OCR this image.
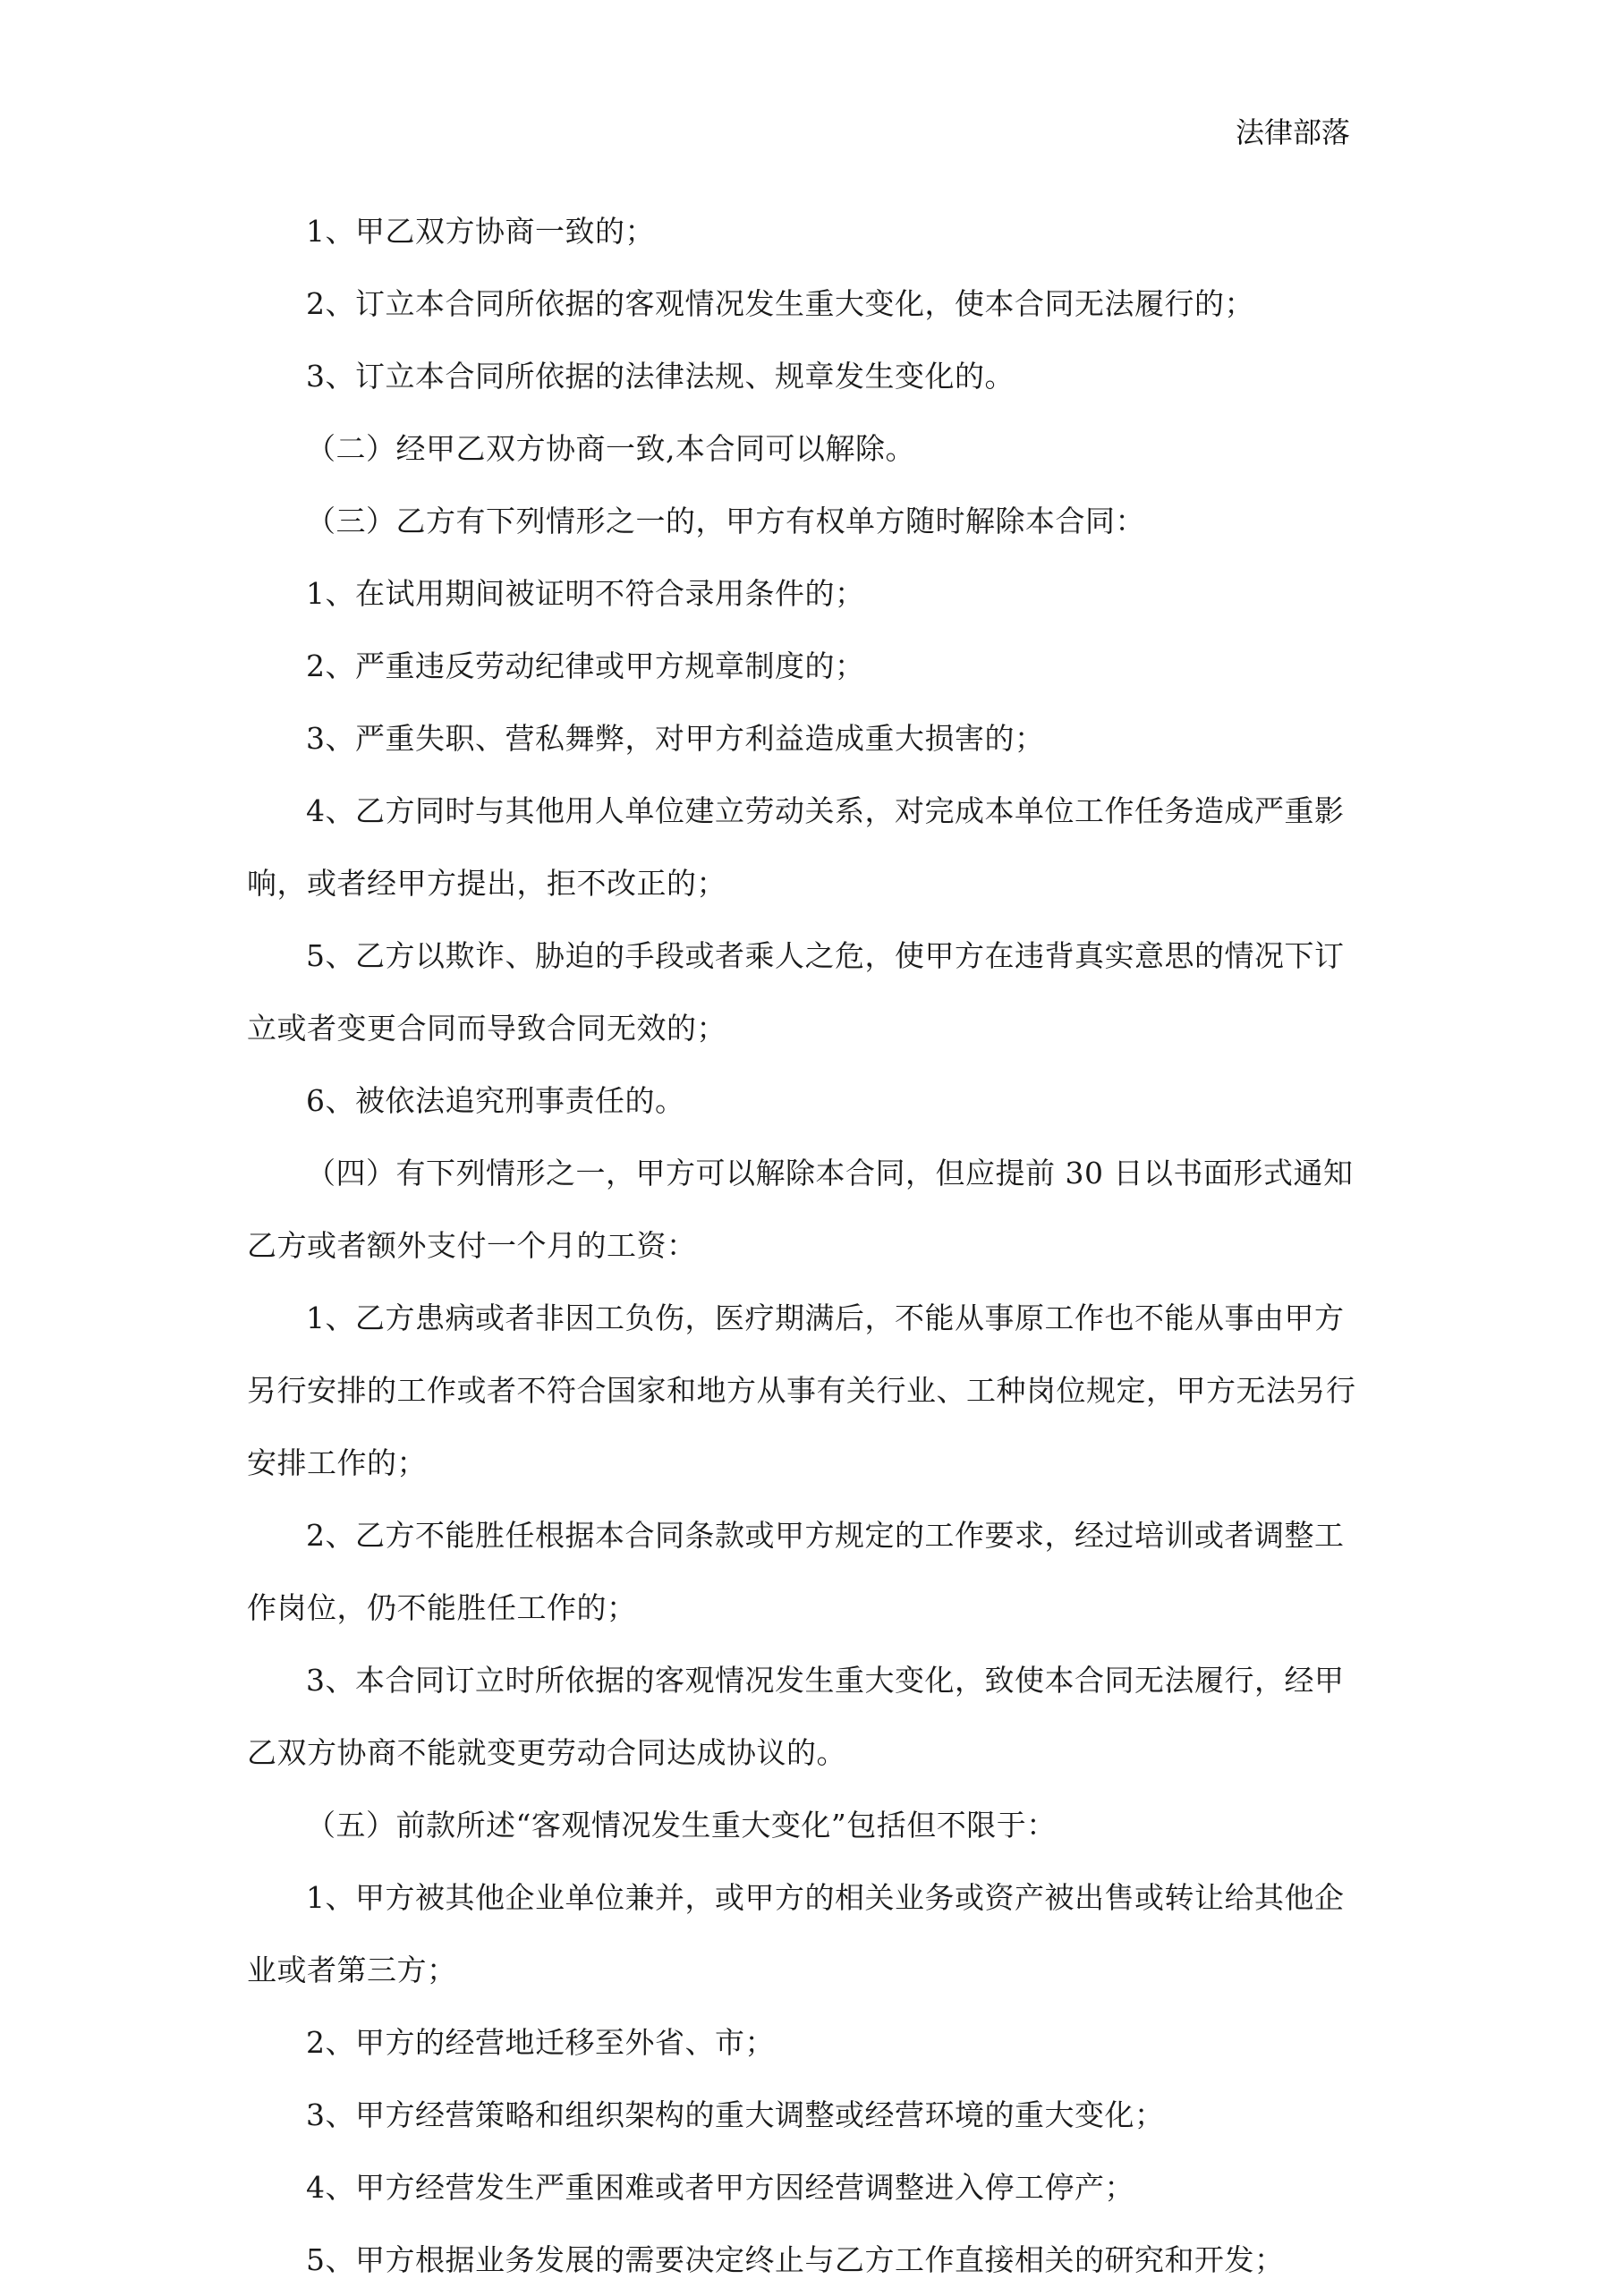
法律部落

1、甲乙双方协商一致的；

2、订立本合同所依据的客观情况发生重大变化，使本合同无法履行的；

3、订立本合同所依据的法律法规、规章发生变化的。

（二）经甲乙双方协商一致,本合同可以解除。

（三）乙方有下列情形之一的，甲方有权单方随时解除本合同：

1、在试用期间被证明不符合录用条件的；

2、严重违反劳动纪律或甲方规章制度的；

3、严重失职、营私舞弊，对甲方利益造成重大损害的；

4、乙方同时与其他用人单位建立劳动关系，对完成本单位工作任务造成严重影响，或者经甲方提出，拒不改正的；

5、乙方以欺诈、胁迫的手段或者乘人之危，使甲方在违背真实意思的情况下订立或者变更合同而导致合同无效的；

6、被依法追究刑事责任的。

（四）有下列情形之一，甲方可以解除本合同，但应提前 30 日以书面形式通知乙方或者额外支付一个月的工资：

1、乙方患病或者非因工负伤，医疗期满后，不能从事原工作也不能从事由甲方另行安排的工作或者不符合国家和地方从事有关行业、工种岗位规定，甲方无法另行安排工作的；

2、乙方不能胜任根据本合同条款或甲方规定的工作要求，经过培训或者调整工作岗位，仍不能胜任工作的；

3、本合同订立时所依据的客观情况发生重大变化，致使本合同无法履行，经甲乙双方协商不能就变更劳动合同达成协议的。

（五）前款所述“客观情况发生重大变化”包括但不限于：

1、甲方被其他企业单位兼并，或甲方的相关业务或资产被出售或转让给其他企业或者第三方；

2、甲方的经营地迁移至外省、市；

3、甲方经营策略和组织架构的重大调整或经营环境的重大变化；

4、甲方经营发生严重困难或者甲方因经营调整进入停工停产；

5、甲方根据业务发展的需要决定终止与乙方工作直接相关的研究和开发；
